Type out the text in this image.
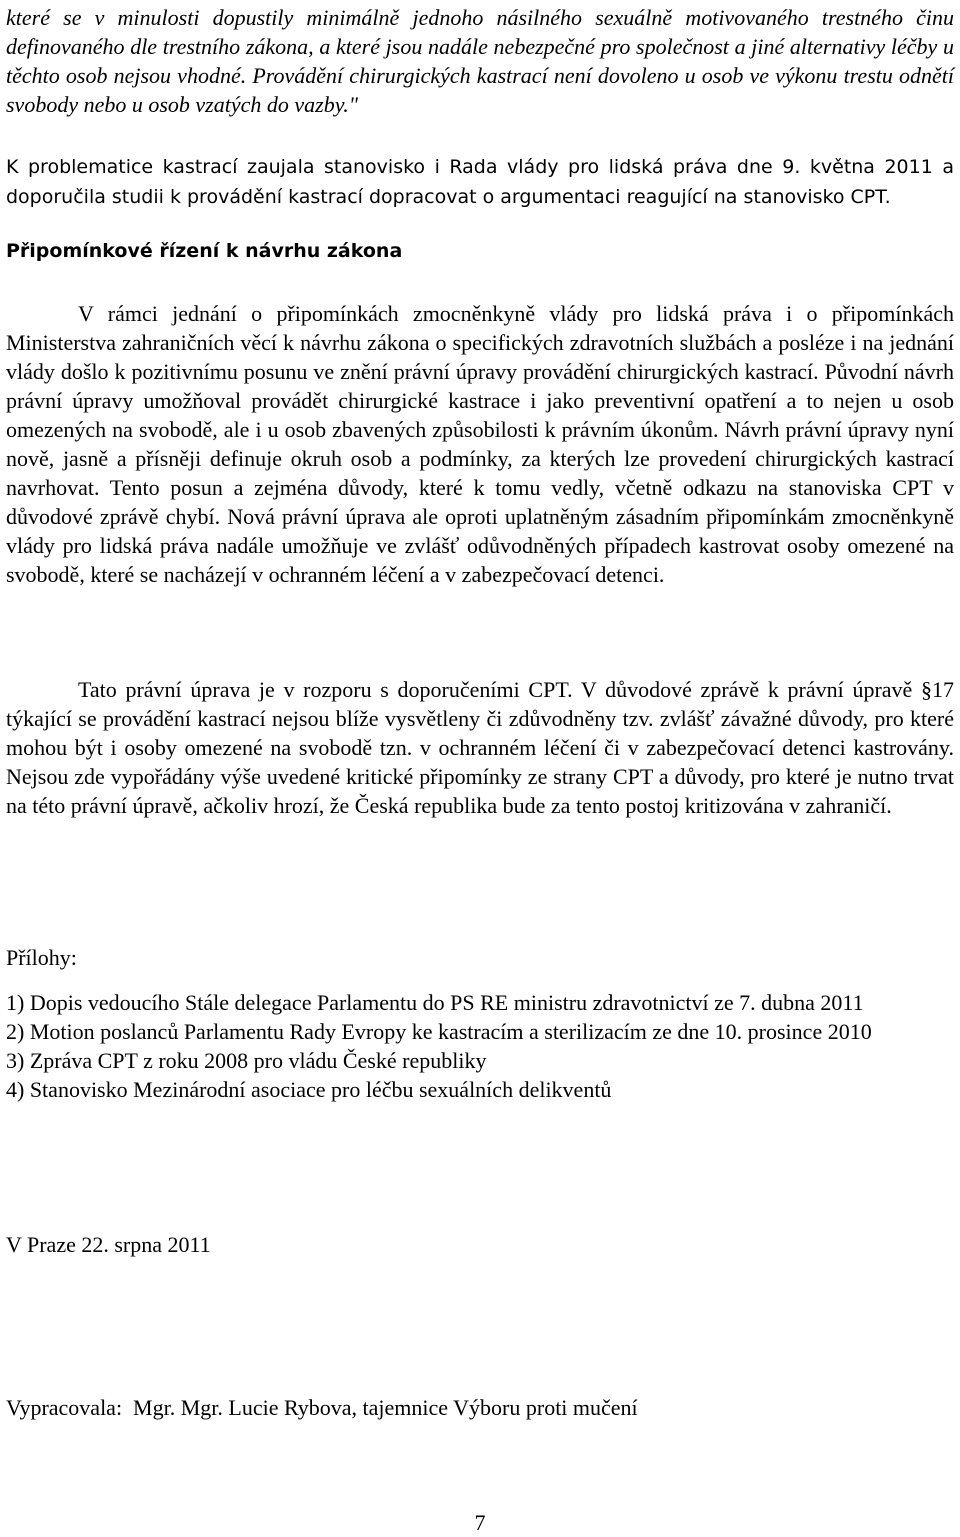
které se v minulosti dopustily minimálně jednoho násilného sexuálně motivovaného trestného činu definovaného dle trestního zákona, a které jsou nadále nebezpečné pro společnost a jiné alternativy léčby u těchto osob nejsou vhodné. Provádění chirurgických kastrací není dovoleno u osob ve výkonu trestu odnětí svobody nebo u osob vzatých do vazby."

K problematice kastrací zaujala stanovisko i Rada vlády pro lidská práva dne 9. května 2011 a doporučila studii k provádění kastrací dopracovat o argumentaci reagující na stanovisko CPT.

Připomínkové řízení k návrhu zákona

V rámci jednání o připomínkách zmocněnkyně vlády pro lidská práva i o připomínkách Ministerstva zahraničních věcí k návrhu zákona o specifických zdravotních službách a posléze i na jednání vlády došlo k pozitivnímu posunu ve znění právní úpravy provádění chirurgických kastrací. Původní návrh právní úpravy umožňoval provádět chirurgické kastrace i jako preventivní opatření a to nejen u osob omezených na svobodě, ale i u osob zbavených způsobilosti k právním úkonům. Návrh právní úpravy nyní nově, jasně a přísněji definuje okruh osob a podmínky, za kterých lze provedení chirurgických kastrací navrhovat. Tento posun a zejména důvody, které k tomu vedly, včetně odkazu na stanoviska CPT v důvodové zprávě chybí. Nová právní úprava ale oproti uplatněným zásadním připomínkám zmocněnkyně vlády pro lidská práva nadále umožňuje ve zvlášť odůvodněných případech kastrovat osoby omezené na svobodě, které se nacházejí v ochranném léčení a v zabezpečovací detenci.

Tato právní úprava je v rozporu s doporučeními CPT. V důvodové zprávě k právní úpravě §17 týkající se provádění kastrací nejsou blíže vysvětleny či zdůvodněny tzv. zvlášť závažné důvody, pro které mohou být i osoby omezené na svobodě tzn. v ochranném léčení či v zabezpečovací detenci kastrovány. Nejsou zde vypořádány výše uvedené kritické připomínky ze strany CPT a důvody, pro které je nutno trvat na této právní úpravě, ačkoliv hrozí, že Česká republika bude za tento postoj kritizována v zahraničí.

Přílohy:

1) Dopis vedoucího Stále delegace Parlamentu do PS RE ministru zdravotnictví ze 7. dubna 2011

2) Motion poslanců Parlamentu Rady Evropy ke kastracím a sterilizacím ze dne 10. prosince 2010

3) Zpráva CPT z roku 2008 pro vládu České republiky

4) Stanovisko Mezinárodní asociace pro léčbu sexuálních delikventů

V Praze 22. srpna 2011

Vypracovala:  Mgr. Mgr. Lucie Rybova, tajemnice Výboru proti mučení

7
